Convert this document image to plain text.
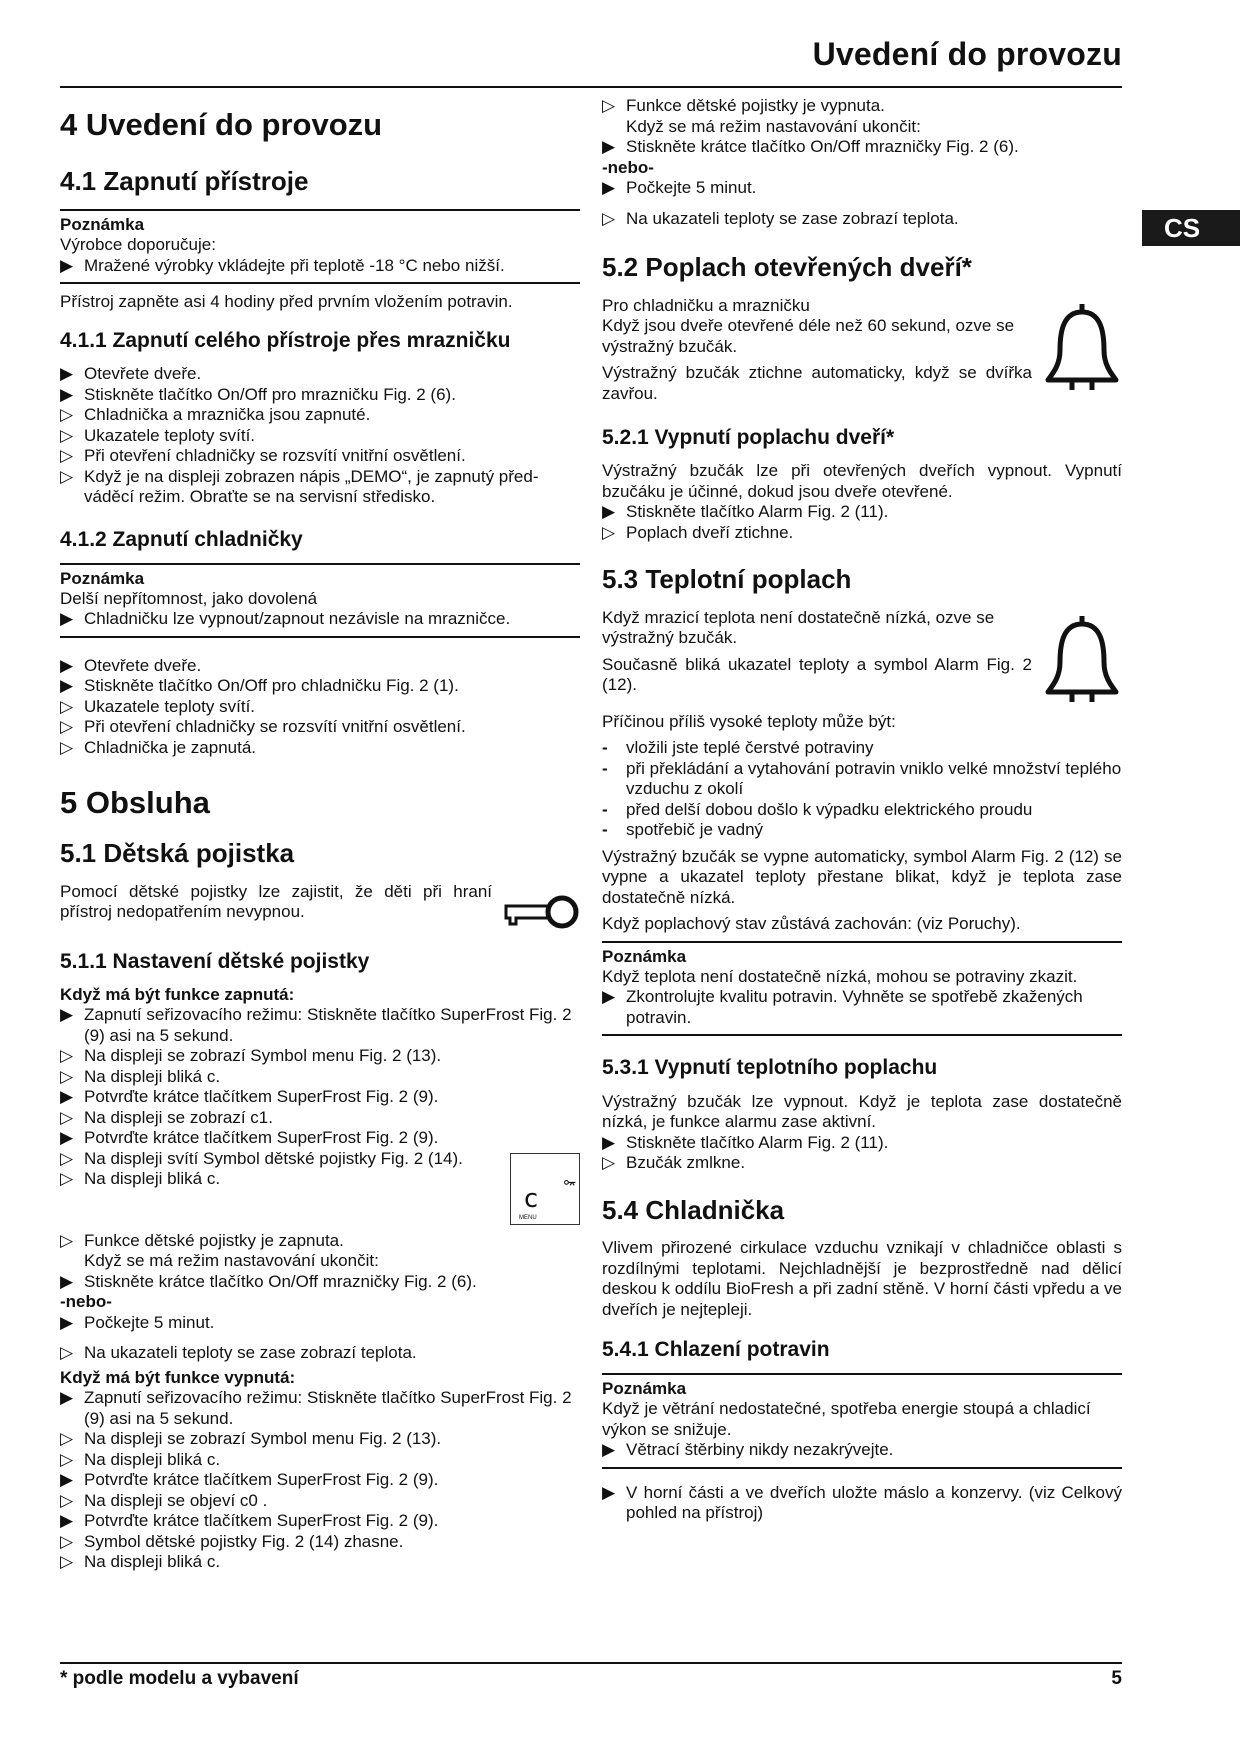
Uvedení do provozu
CS
4 Uvedení do provozu
4.1 Zapnutí přístroje
Poznámka
Výrobce doporučuje:
▶ Mražené výrobky vkládejte při teplotě -18 °C nebo nižší.
Přístroj zapněte asi 4 hodiny před prvním vložením potravin.
4.1.1 Zapnutí celého přístroje přes mrazničku
▶ Otevřete dveře.
▶ Stiskněte tlačítko On/Off pro mrazničku Fig. 2 (6).
▷ Chladnička a mraznička jsou zapnuté.
▷ Ukazatele teploty svítí.
▷ Při otevření chladničky se rozsvítí vnitřní osvětlení.
▷ Když je na displeji zobrazen nápis „DEMO“, je zapnutý předváděcí režim. Obraťte se na servisní středisko.
4.1.2 Zapnutí chladničky
Poznámka
Delší nepřítomnost, jako dovolená
▶ Chladničku lze vypnout/zapnout nezávisle na mrazničce.
▶ Otevřete dveře.
▶ Stiskněte tlačítko On/Off pro chladničku Fig. 2 (1).
▷ Ukazatele teploty svítí.
▷ Při otevření chladničky se rozsvítí vnitřní osvětlení.
▷ Chladnička je zapnutá.
5 Obsluha
5.1 Dětská pojistka
Pomocí dětské pojistky lze zajistit, že děti při hraní přístroj nedopatřením nevypnou.
5.1.1 Nastavení dětské pojistky
Když má být funkce zapnutá:
▶ Zapnutí seřizovacího režimu: Stiskněte tlačítko SuperFrost Fig. 2 (9) asi na 5 sekund.
▷ Na displeji se zobrazí Symbol menu Fig. 2 (13).
▷ Na displeji bliká c.
▶ Potvrďte krátce tlačítkem SuperFrost Fig. 2 (9).
▷ Na displeji se zobrazí c1.
▶ Potvrďte krátce tlačítkem SuperFrost Fig. 2 (9).
▷ Na displeji svítí Symbol dětské pojistky Fig. 2 (14).
▷ Na displeji bliká c.	⚷
c
MENU
▷ Funkce dětské pojistky je zapnuta.
Když se má režim nastavování ukončit:
▶ Stiskněte krátce tlačítko On/Off mrazničky Fig. 2 (6).
-nebo-
▶ Počkejte 5 minut.
▷ Na ukazateli teploty se zase zobrazí teplota.
Když má být funkce vypnutá:
▶ Zapnutí seřizovacího režimu: Stiskněte tlačítko SuperFrost Fig. 2 (9) asi na 5 sekund.
▷ Na displeji se zobrazí Symbol menu Fig. 2 (13).
▷ Na displeji bliká c.
▶ Potvrďte krátce tlačítkem SuperFrost Fig. 2 (9).
▷ Na displeji se objeví c0 .
▶ Potvrďte krátce tlačítkem SuperFrost Fig. 2 (9).
▷ Symbol dětské pojistky Fig. 2 (14) zhasne.
▷ Na displeji bliká c.
▷ Funkce dětské pojistky je vypnuta.
Když se má režim nastavování ukončit:
▶ Stiskněte krátce tlačítko On/Off mrazničky Fig. 2 (6).
-nebo-
▶ Počkejte 5 minut.
▷ Na ukazateli teploty se zase zobrazí teplota.
5.2 Poplach otevřených dveří*
Pro chladničku a mrazničku
Když jsou dveře otevřené déle než 60 sekund, ozve se výstražný bzučák.
Výstražný bzučák ztichne automaticky, když se dvířka zavřou.
5.2.1 Vypnutí poplachu dveří*
Výstražný bzučák lze při otevřených dveřích vypnout. Vypnutí bzučáku je účinné, dokud jsou dveře otevřené.
▶ Stiskněte tlačítko Alarm Fig. 2 (11).
▷ Poplach dveří ztichne.
5.3 Teplotní poplach
Když mrazicí teplota není dostatečně nízká, ozve se výstražný bzučák.
Současně bliká ukazatel teploty a symbol Alarm Fig. 2 (12).
Příčinou příliš vysoké teploty může být:
-	vložili jste teplé čerstvé potraviny
-	při překládání a vytahování potravin vniklo velké množství teplého vzduchu z okolí
-	před delší dobou došlo k výpadku elektrického proudu
-	spotřebič je vadný
Výstražný bzučák se vypne automaticky, symbol Alarm Fig. 2 (12) se vypne a ukazatel teploty přestane blikat, když je teplota zase dostatečně nízká.
Když poplachový stav zůstává zachován: (viz Poruchy).
Poznámka
Když teplota není dostatečně nízká, mohou se potraviny zkazit.
▶ Zkontrolujte kvalitu potravin. Vyhněte se spotřebě zkažených potravin.
5.3.1 Vypnutí teplotního poplachu
Výstražný bzučák lze vypnout. Když je teplota zase dostatečně nízká, je funkce alarmu zase aktivní.
▶ Stiskněte tlačítko Alarm Fig. 2 (11).
▷ Bzučák zmlkne.
5.4 Chladnička
Vlivem přirozené cirkulace vzduchu vznikají v chladničce oblasti s rozdílnými teplotami. Nejchladnější je bezprostředně nad dělicí deskou k oddílu BioFresh a při zadní stěně. V horní části vpředu a ve dveřích je nejtepleji.
5.4.1 Chlazení potravin
Poznámka
Když je větrání nedostatečné, spotřeba energie stoupá a chladicí výkon se snižuje.
▶ Větrací štěrbiny nikdy nezakrývejte.
▶ V horní části a ve dveřích uložte máslo a konzervy. (viz Celkový pohled na přístroj)
* podle modelu a vybavení	5
